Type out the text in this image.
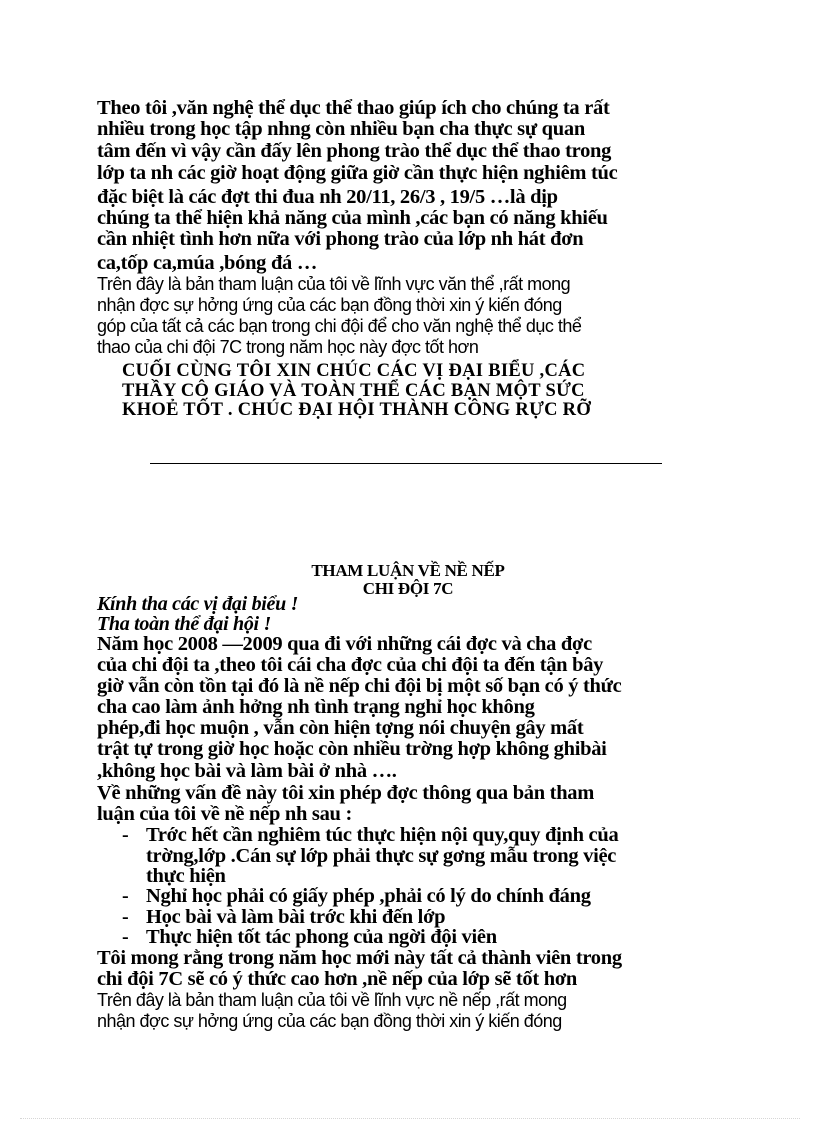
Theo tôi ,văn nghệ thể dục thể thao giúp ích cho chúng ta rất
nhiều trong học tập nhng còn nhiều bạn cha thực sự quan
tâm đến vì vậy cần đấy lên phong trào thể dục thể thao trong
lớp ta nh các giờ hoạt động giữa giờ cần thực hiện nghiêm túc
đặc biệt là các đợt thi đua nh 20/11, 26/3 , 19/5 …là dịp
chúng ta thể hiện khả năng của mình ,các bạn có năng khiếu
cần nhiệt tình hơn nữa với phong trào của lớp nh hát đơn
ca,tốp ca,múa ,bóng đá …
Trên đây là bản tham luận của tôi về lĩnh vực văn thể ,rất mong
nhận đợc sự hởng ứng của các bạn đồng thời xin ý kiến đóng
góp của tất cả các bạn trong chi đội để cho văn nghệ thể dục thể
thao của chi đội 7C trong năm học này đợc tốt hơn
CUỐI CÙNG TÔI XIN CHÚC CÁC VỊ ĐẠI BIỂU ,CÁC
THẦY CÔ GIÁO VÀ TOÀN THỂ CÁC BẠN MỘT SỨC
KHOẺ TỐT . CHÚC ĐẠI HỘI THÀNH CÔNG RỰC RỠ
THAM LUẬN VỀ NỀ NẾP
CHI ĐỘI 7C
Kính tha các vị đại biểu !
Tha toàn thể đại hội !
Năm học 2008 —2009 qua đi với những cái đợc và cha đợc
của chi đội ta ,theo tôi cái cha đợc của chi đội ta đến tận bây
giờ vẫn còn tồn tại đó là nề nếp chi đội bị một số bạn có ý thức
cha cao làm ảnh hởng nh tình trạng nghỉ học không
phép,đi học muộn , vẫn còn hiện tợng nói chuyện gây mất
trật tự trong giờ học hoặc còn nhiều trờng hợp không ghibài
,không học bài và làm bài ở nhà ….
Về những vấn đề này tôi xin phép đợc thông qua bản tham
luận của tôi về nề nếp nh sau :
- Trớc hết cần nghiêm túc thực hiện nội quy,quy định của
trờng,lớp .Cán sự lớp phải thực sự gơng mẫu trong việc
thực hiện
- Nghỉ học phải có giấy phép ,phải có lý do chính đáng
- Học bài và làm bài trớc khi đến lớp
- Thực hiện tốt tác phong của ngời đội viên
Tôi mong rằng trong năm học mới này tất cả thành viên trong
chi đội 7C sẽ có ý thức cao hơn ,nề nếp của lớp sẽ tốt hơn
Trên đây là bản tham luận của tôi về lĩnh vực nề nếp ,rất mong
nhận đợc sự hởng ứng của các bạn đồng thời xin ý kiến đóng
